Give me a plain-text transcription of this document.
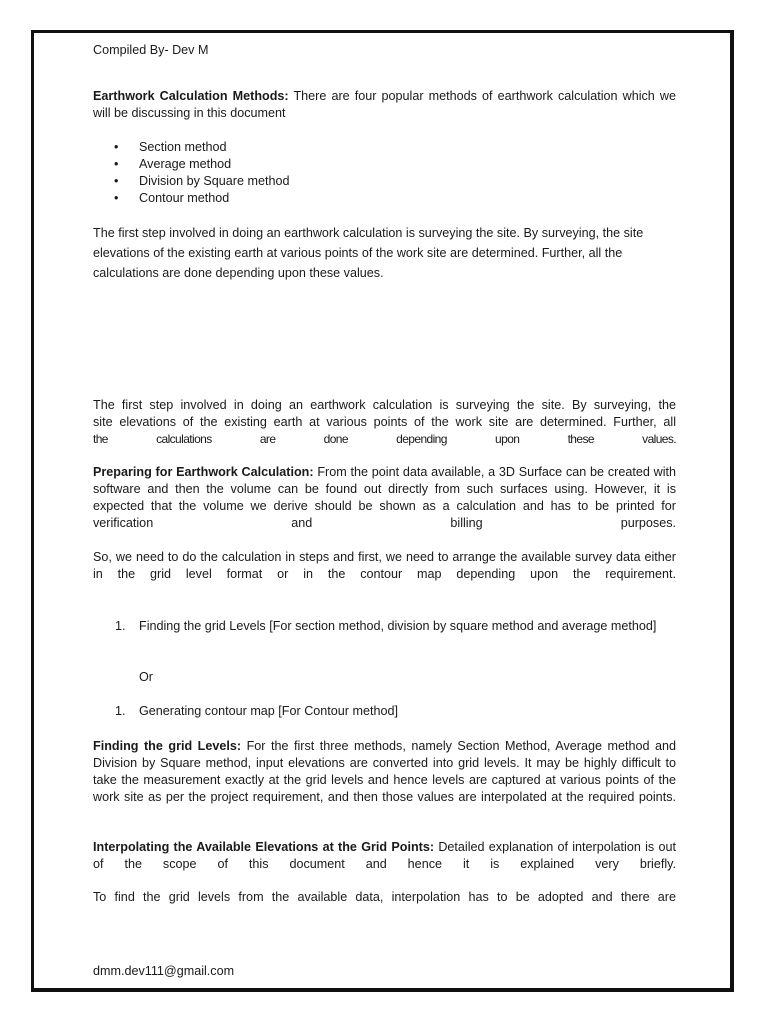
Compiled By- Dev M

Earthwork Calculation Methods: There are four popular methods of earthwork calculation which we will be discussing in this document

• Section method
• Average method
• Division by Square method
• Contour method

The first step involved in doing an earthwork calculation is surveying the site. By surveying, the site elevations of the existing earth at various points of the work site are determined. Further, all the calculations are done depending upon these values.

The first step involved in doing an earthwork calculation is surveying the site. By surveying, the

site elevations of the existing earth at various points of the work site are determined. Further, all

the calculations are done depending upon these values.

Preparing for Earthwork Calculation: From the point data available, a 3D Surface can be created with software and then the volume can be found out directly from such surfaces using. However, it is expected that the volume we derive should be shown as a calculation and has to be printed for verification and billing purposes.

So, we need to do the calculation in steps and first, we need to arrange the available survey data either in the grid level format or in the contour map depending upon the requirement.

1. Finding the grid Levels [For section method, division by square method and average method]

Or

1. Generating contour map [For Contour method]

Finding the grid Levels: For the first three methods, namely Section Method, Average method and Division by Square method, input elevations are converted into grid levels. It may be highly difficult to take the measurement exactly at the grid levels and hence levels are captured at various points of the work site as per the project requirement, and then those values are interpolated at the required points.

Interpolating the Available Elevations at the Grid Points: Detailed explanation of interpolation is out of the scope of this document and hence it is explained very briefly.

To find the grid levels from the available data, interpolation has to be adopted and there are

dmm.dev111@gmail.com
